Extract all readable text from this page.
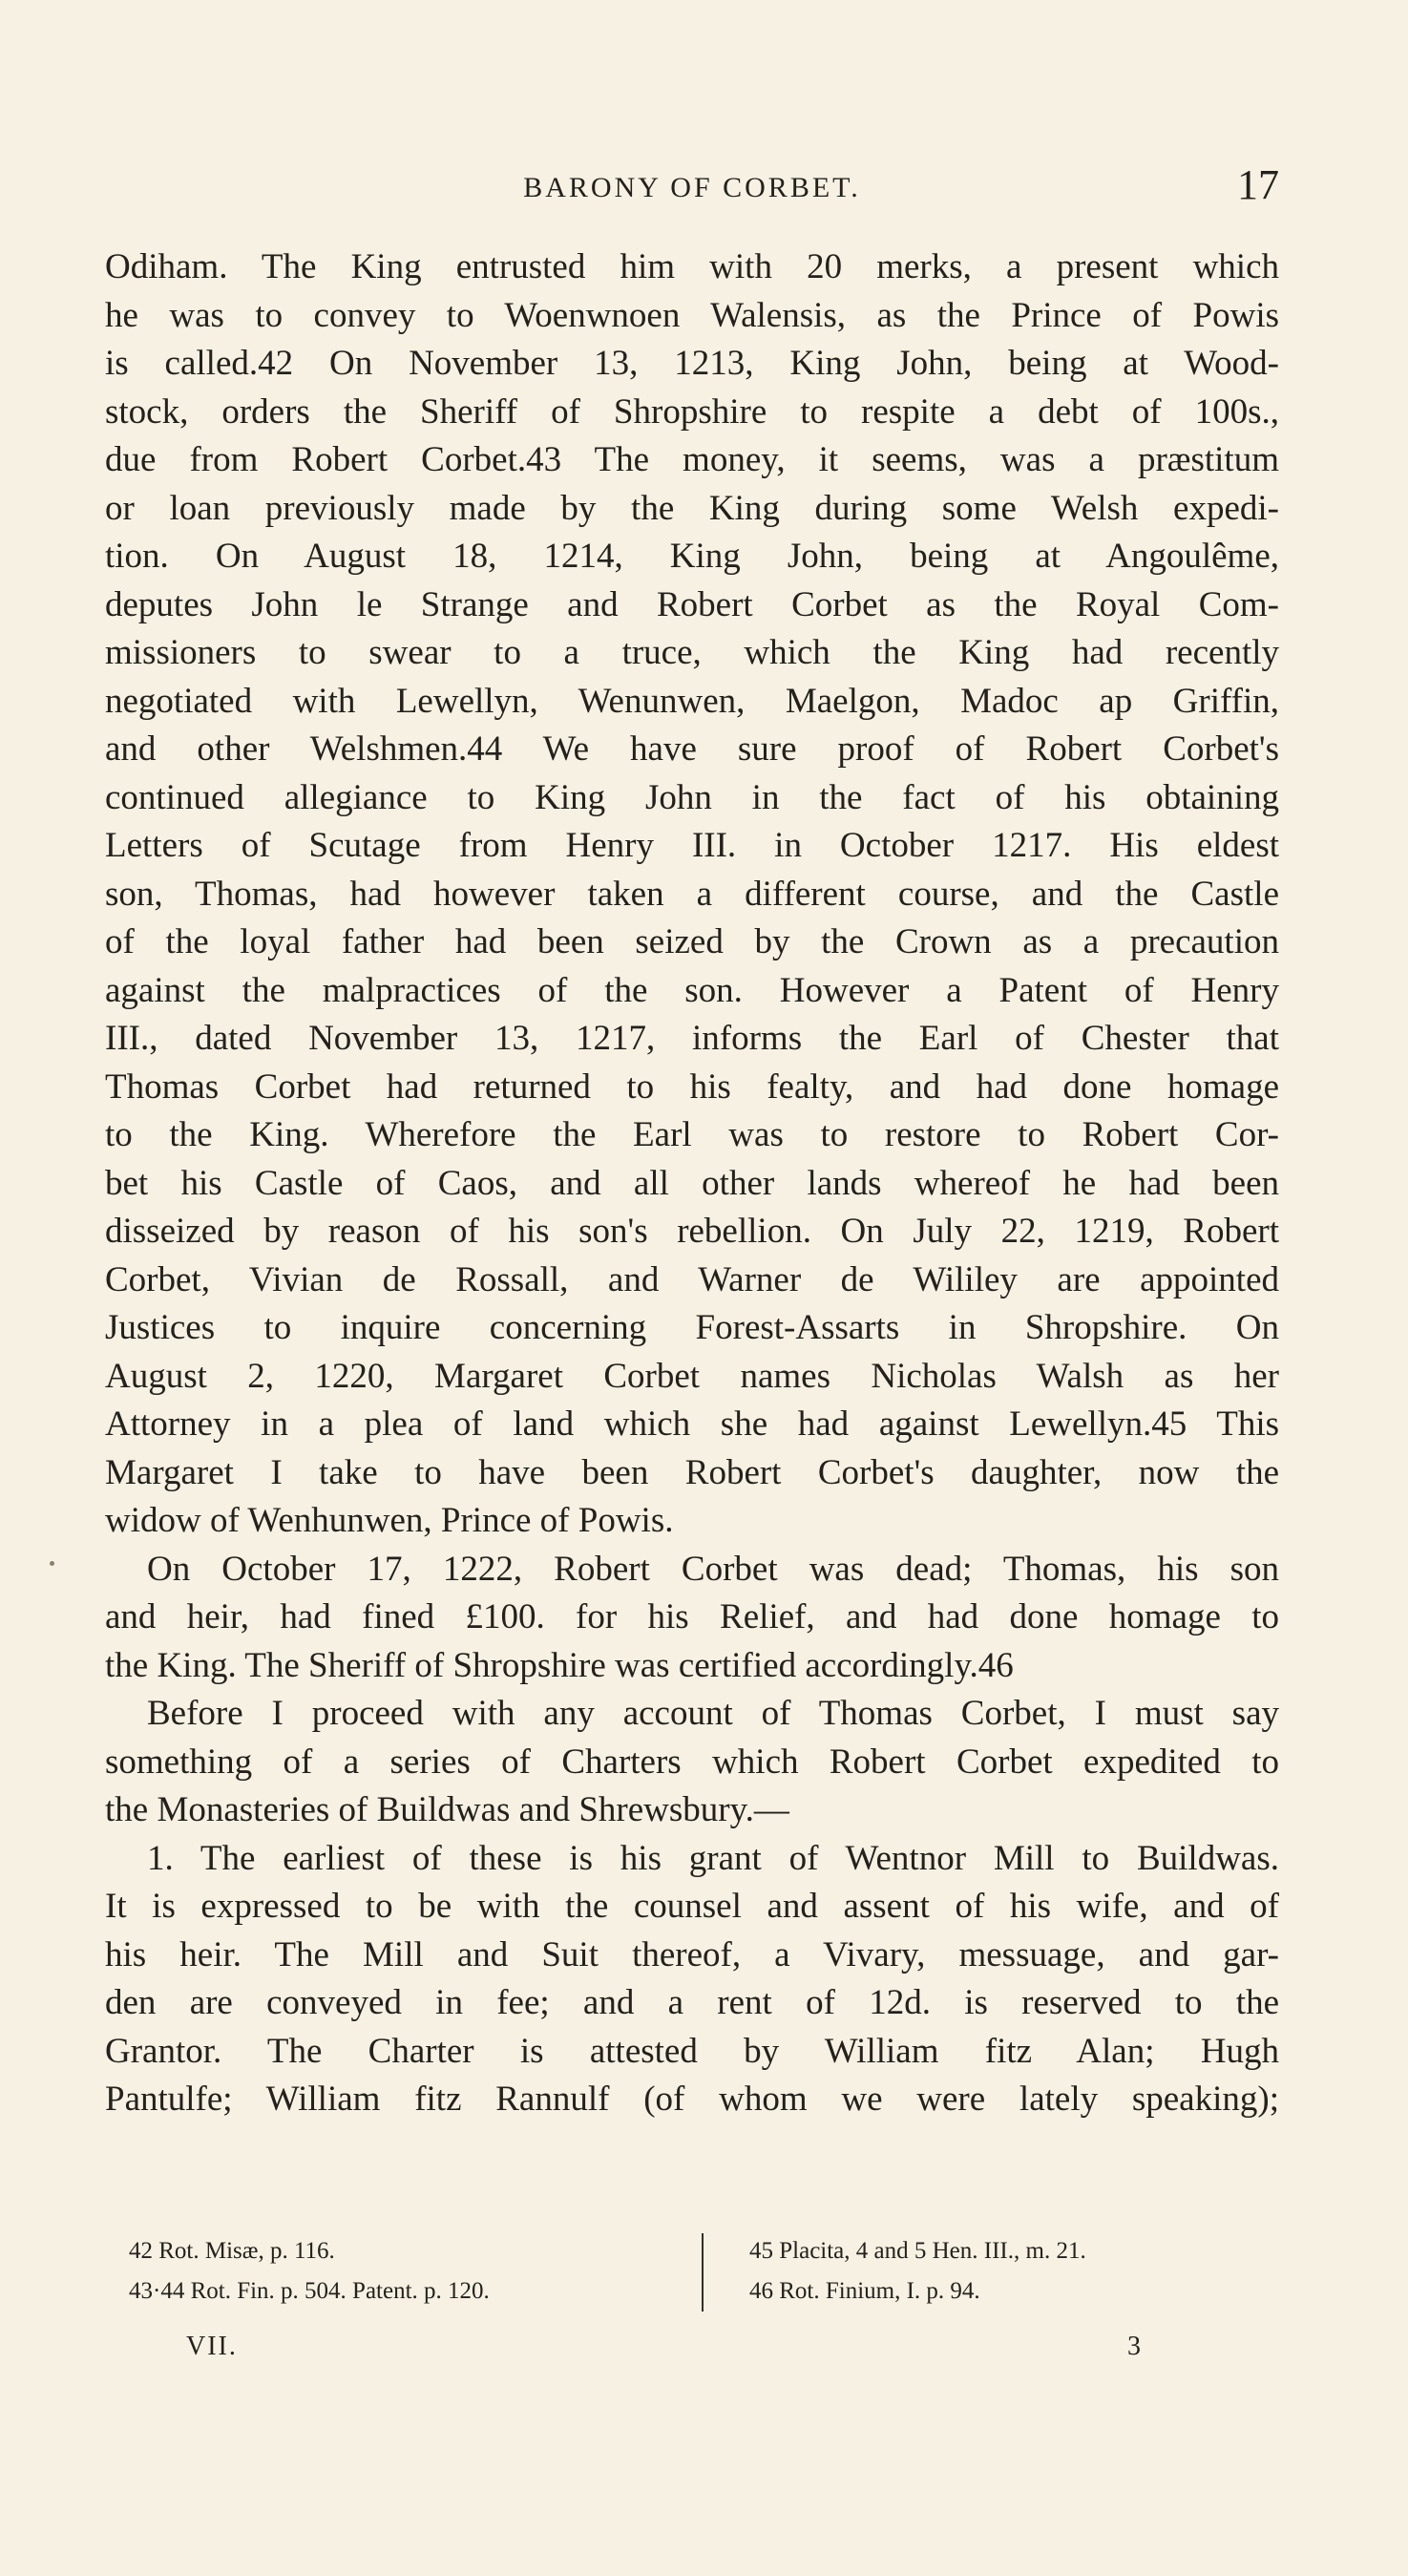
BARONY OF CORBET.	17
Odiham. The King entrusted him with 20 merks, a present which
he was to convey to Woenwnoen Walensis, as the Prince of Powis
is called.42 On November 13, 1213, King John, being at Wood-
stock, orders the Sheriff of Shropshire to respite a debt of 100s.,
due from Robert Corbet.43 The money, it seems, was a præstitum
or loan previously made by the King during some Welsh expedi-
tion. On August 18, 1214, King John, being at Angoulême,
deputes John le Strange and Robert Corbet as the Royal Com-
missioners to swear to a truce, which the King had recently
negotiated with Lewellyn, Wenunwen, Maelgon, Madoc ap Griffin,
and other Welshmen.44 We have sure proof of Robert Corbet's
continued allegiance to King John in the fact of his obtaining
Letters of Scutage from Henry III. in October 1217. His eldest
son, Thomas, had however taken a different course, and the Castle
of the loyal father had been seized by the Crown as a precaution
against the malpractices of the son. However a Patent of Henry
III., dated November 13, 1217, informs the Earl of Chester that
Thomas Corbet had returned to his fealty, and had done homage
to the King. Wherefore the Earl was to restore to Robert Cor-
bet his Castle of Caos, and all other lands whereof he had been
disseized by reason of his son's rebellion. On July 22, 1219, Robert
Corbet, Vivian de Rossall, and Warner de Wililey are appointed
Justices to inquire concerning Forest-Assarts in Shropshire. On
August 2, 1220, Margaret Corbet names Nicholas Walsh as her
Attorney in a plea of land which she had against Lewellyn.45 This
Margaret I take to have been Robert Corbet's daughter, now the
widow of Wenhunwen, Prince of Powis.
On October 17, 1222, Robert Corbet was dead; Thomas, his son
and heir, had fined £100. for his Relief, and had done homage to
the King. The Sheriff of Shropshire was certified accordingly.46
Before I proceed with any account of Thomas Corbet, I must say
something of a series of Charters which Robert Corbet expedited to
the Monasteries of Buildwas and Shrewsbury.—
1. The earliest of these is his grant of Wentnor Mill to Buildwas.
It is expressed to be with the counsel and assent of his wife, and of
his heir. The Mill and Suit thereof, a Vivary, messuage, and gar-
den are conveyed in fee; and a rent of 12d. is reserved to the
Grantor. The Charter is attested by William fitz Alan; Hugh
Pantulfe; William fitz Rannulf (of whom we were lately speaking);
42 Rot. Misæ, p. 116.
43·44 Rot. Fin. p. 504. Patent. p. 120.
45 Placita, 4 and 5 Hen. III., m. 21.
46 Rot. Finium, I. p. 94.
VII.	3
